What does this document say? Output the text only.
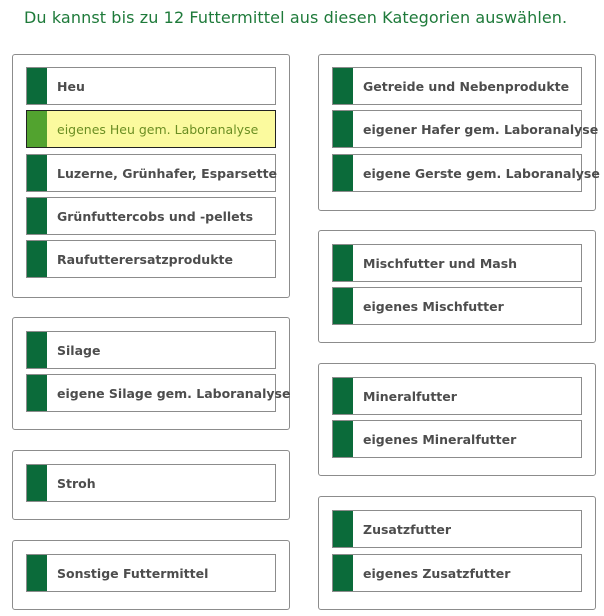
Du kannst bis zu 12 Futtermittel aus diesen Kategorien auswählen.
Heu
eigenes Heu gem. Laboranalyse
Luzerne, Grünhafer, Esparsette
Grünfuttercobs und -pellets
Raufutterersatzprodukte
Silage
eigene Silage gem. Laboranalyse
Stroh
Sonstige Futtermittel
Getreide und Nebenprodukte
eigener Hafer gem. Laboranalyse
eigene Gerste gem. Laboranalyse
Mischfutter und Mash
eigenes Mischfutter
Mineralfutter
eigenes Mineralfutter
Zusatzfutter
eigenes Zusatzfutter
